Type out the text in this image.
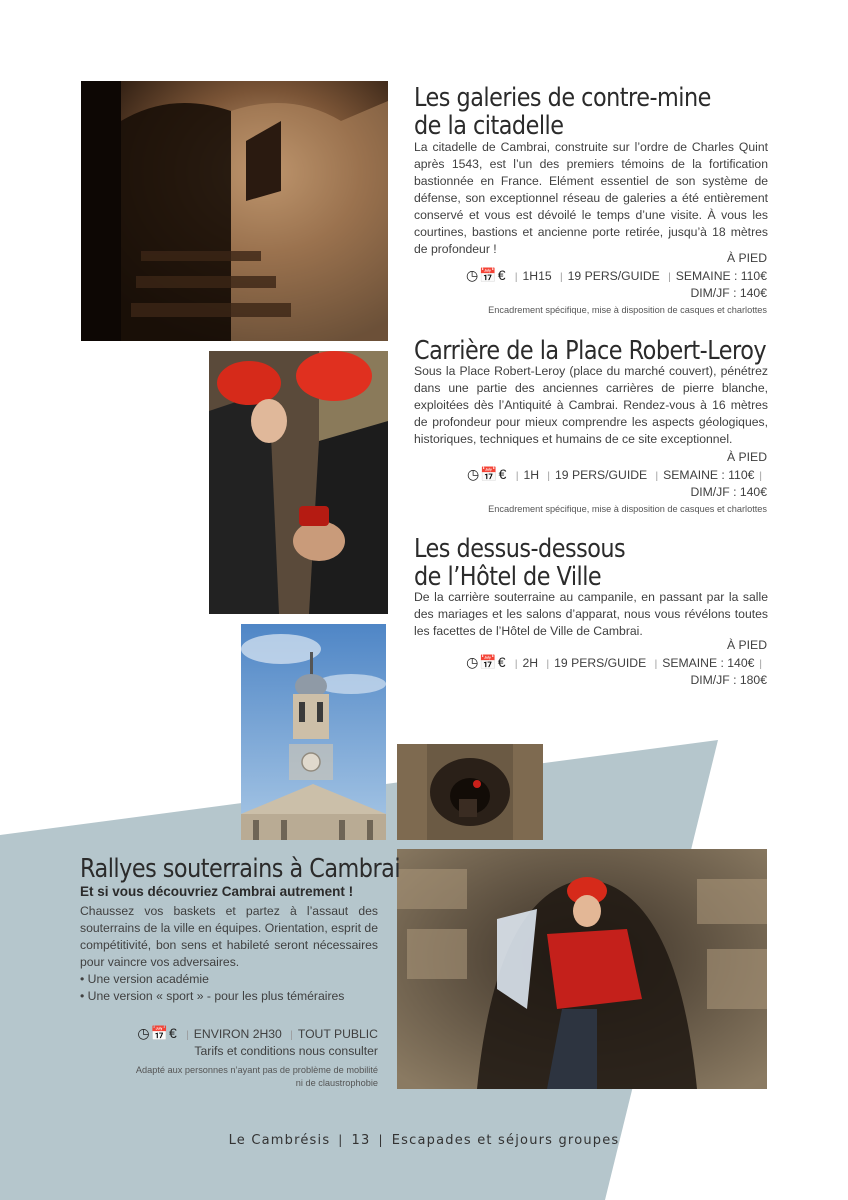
Les galeries de contre-mine
de la citadelle
La citadelle de Cambrai, construite sur l’ordre de Charles Quint après 1543, est l’un des premiers témoins de la fortification bastionnée en France. Elément essentiel de son système de défense, son exceptionnel réseau de galeries a été entièrement conservé et vous est dévoilé le temps d’une visite. À vous les courtines, bastions et ancienne porte retirée, jusqu’à 18 mètres de profondeur !
À PIED
◷📅€ | 1H15 | 19 PERS/GUIDE | SEMAINE : 110€
DIM/JF : 140€
Encadrement spécifique, mise à disposition de casques et charlottes
Carrière de la Place Robert-Leroy
Sous la Place Robert-Leroy (place du marché couvert), pénétrez dans une partie des anciennes carrières de pierre blanche, exploitées dès l’Antiquité à Cambrai. Rendez-vous à 16 mètres de profondeur pour mieux comprendre les aspects géologiques, historiques, techniques et humains de ce site exceptionnel.
À PIED
◷📅€ | 1H | 19 PERS/GUIDE | SEMAINE : 110€ |
DIM/JF : 140€
Encadrement spécifique, mise à disposition de casques et charlottes
Les dessus-dessous
de l’Hôtel de Ville
De la carrière souterraine au campanile, en passant par la salle des mariages et les salons d’apparat, nous vous révélons toutes les facettes de l’Hôtel de Ville de Cambrai.
À PIED
◷📅€ | 2H | 19 PERS/GUIDE | SEMAINE : 140€ |
DIM/JF : 180€
Rallyes souterrains à Cambrai
Et si vous découvriez Cambrai autrement !
Chaussez vos baskets et partez à l’assaut des souterrains de la ville en équipes. Orientation, esprit de compétitivité, bon sens et habileté seront nécessaires pour vaincre vos adversaires.
• Une version académie
• Une version « sport » - pour les plus téméraires
◷📅€ | ENVIRON 2H30 | TOUT PUBLIC
Tarifs et conditions nous consulter
Adapté aux personnes n’ayant pas de problème de mobilité
ni de claustrophobie
Le Cambrésis | 13 | Escapades et séjours groupes
